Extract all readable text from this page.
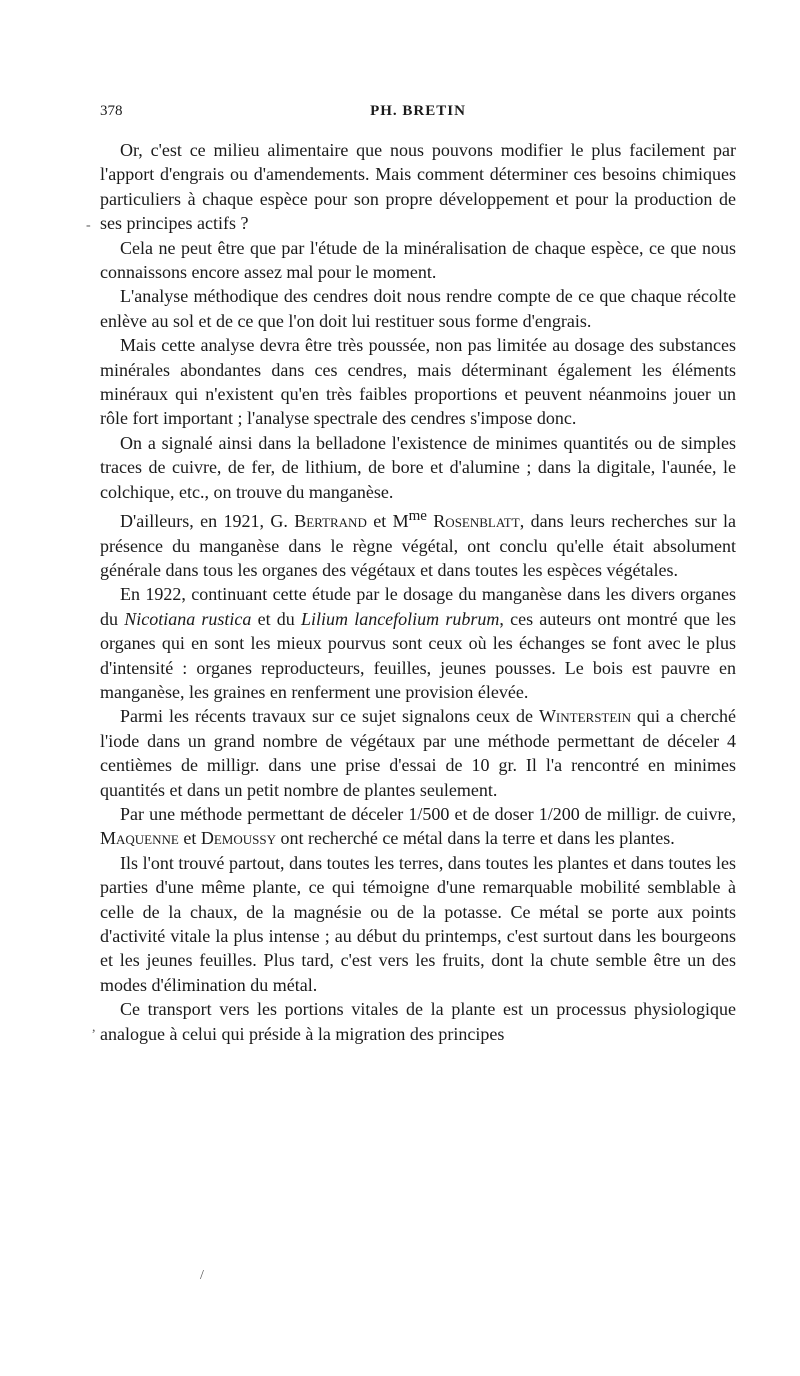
378	PH. BRETIN

Or, c'est ce milieu alimentaire que nous pouvons modifier le plus facilement par l'apport d'engrais ou d'amendements. Mais comment déterminer ces besoins chimiques particuliers à chaque espèce pour son propre développement et pour la production de ses principes actifs ?

Cela ne peut être que par l'étude de la minéralisation de chaque espèce, ce que nous connaissons encore assez mal pour le moment.

L'analyse méthodique des cendres doit nous rendre compte de ce que chaque récolte enlève au sol et de ce que l'on doit lui restituer sous forme d'engrais.

Mais cette analyse devra être très poussée, non pas limitée au dosage des substances minérales abondantes dans ces cendres, mais déterminant également les éléments minéraux qui n'existent qu'en très faibles proportions et peuvent néanmoins jouer un rôle fort important ; l'analyse spectrale des cendres s'impose donc.

On a signalé ainsi dans la belladone l'existence de minimes quantités ou de simples traces de cuivre, de fer, de lithium, de bore et d'alumine ; dans la digitale, l'aunée, le colchique, etc., on trouve du manganèse.

D'ailleurs, en 1921, G. Bertrand et $M^{me}$ Rosenblatt, dans leurs recherches sur la présence du manganèse dans le règne végétal, ont conclu qu'elle était absolument générale dans tous les organes des végétaux et dans toutes les espèces végétales.

En 1922, continuant cette étude par le dosage du manganèse dans les divers organes du Nicotiana rustica et du Lilium lancefolium rubrum, ces auteurs ont montré que les organes qui en sont les mieux pourvus sont ceux où les échanges se font avec le plus d'intensité : organes reproducteurs, feuilles, jeunes pousses. Le bois est pauvre en manganèse, les graines en renferment une provision élevée.

Parmi les récents travaux sur ce sujet signalons ceux de Winterstein qui a cherché l'iode dans un grand nombre de végétaux par une méthode permettant de déceler 4 centièmes de milligr. dans une prise d'essai de 10 gr. Il l'a rencontré en minimes quantités et dans un petit nombre de plantes seulement.

Par une méthode permettant de déceler 1/500 et de doser 1/200 de milligr. de cuivre, Maquenne et Demoussy ont recherché ce métal dans la terre et dans les plantes.

Ils l'ont trouvé partout, dans toutes les terres, dans toutes les plantes et dans toutes les parties d'une même plante, ce qui témoigne d'une remarquable mobilité semblable à celle de la chaux, de la magnésie ou de la potasse. Ce métal se porte aux points d'activité vitale la plus intense ; au début du printemps, c'est surtout dans les bourgeons et les jeunes feuilles. Plus tard, c'est vers les fruits, dont la chute semble être un des modes d'élimination du métal.

Ce transport vers les portions vitales de la plante est un processus physiologique analogue à celui qui préside à la migration des principes

-
,
/
